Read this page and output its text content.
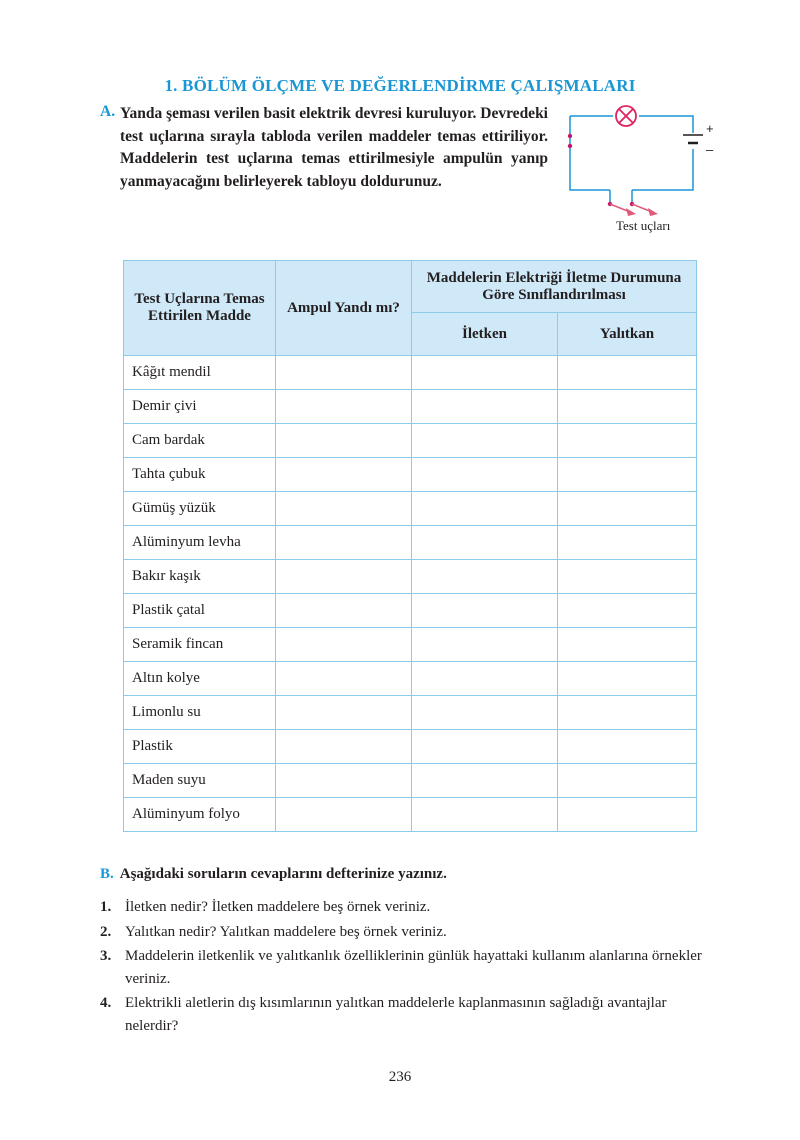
1. BÖLÜM ÖLÇME VE DEĞERLENDİRME ÇALIŞMALARI
A. Yanda şeması verilen basit elektrik devresi kuruluyor. Devredeki test uçlarına sırayla tabloda verilen maddeler temas ettiriliyor. Maddelerin test uçlarına temas ettirilmesiyle ampulün yanıp yanmayacağını belirleyerek tabloyu doldurunuz.
+
–
Test uçları
Test Uçlarına Temas Ettirilen Madde	Ampul Yandı mı?	Maddelerin Elektriği İletme Durumuna Göre Sınıflandırılması	
		İletken	Yalıtkan
Kâğıt mendil			
Demir çivi			
Cam bardak			
Tahta çubuk			
Gümüş yüzük			
Alüminyum levha			
Bakır kaşık			
Plastik çatal			
Seramik fincan			
Altın kolye			
Limonlu su			
Plastik			
Maden suyu			
Alüminyum folyo			
B. Aşağıdaki soruların cevaplarını defterinize yazınız.
1. İletken nedir? İletken maddelere beş örnek veriniz.
2. Yalıtkan nedir? Yalıtkan maddelere beş örnek veriniz.
3. Maddelerin iletkenlik ve yalıtkanlık özelliklerinin günlük hayattaki kullanım alanlarına örnekler veriniz.
4. Elektrikli aletlerin dış kısımlarının yalıtkan maddelerle kaplanmasının sağladığı avantajlar nelerdir?
236
